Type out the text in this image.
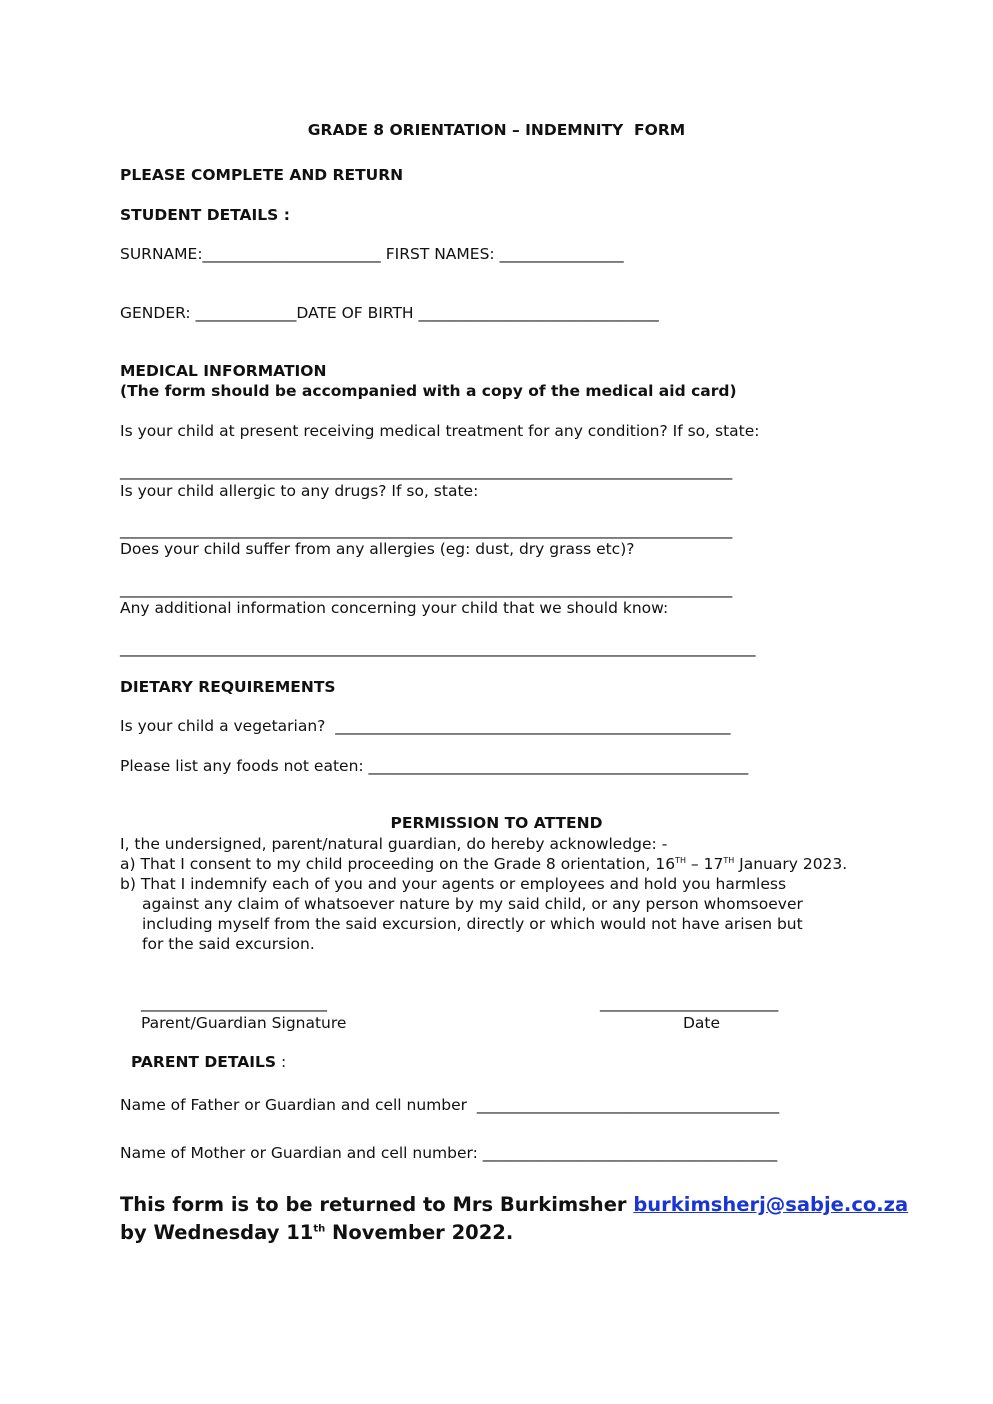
GRADE 8 ORIENTATION – INDEMNITY  FORM
PLEASE COMPLETE AND RETURN
STUDENT DETAILS :
SURNAME:_______________________ FIRST NAMES: ________________
GENDER: _____________DATE OF BIRTH _______________________________
MEDICAL INFORMATION
(The form should be accompanied with a copy of the medical aid card)
Is your child at present receiving medical treatment for any condition? If so, state:
_______________________________________________________________________________
Is your child allergic to any drugs? If so, state:
_______________________________________________________________________________
Does your child suffer from any allergies (eg: dust, dry grass etc)?
_______________________________________________________________________________
Any additional information concerning your child that we should know:
__________________________________________________________________________________
DIETARY REQUIREMENTS
Is your child a vegetarian?  ___________________________________________________
Please list any foods not eaten: _________________________________________________
PERMISSION TO ATTEND
I, the undersigned, parent/natural guardian, do hereby acknowledge: -
a) That I consent to my child proceeding on the Grade 8 orientation, 16TH – 17TH January 2023.
b) That I indemnify each of you and your agents or employees and hold you harmless
against any claim of whatsoever nature by my said child, or any person whomsoever
including myself from the said excursion, directly or which would not have arisen but
for the said excursion.
________________________
Parent/Guardian Signature
_______________________
Date
PARENT DETAILS :
Name of Father or Guardian and cell number  _______________________________________
Name of Mother or Guardian and cell number: ______________________________________
This form is to be returned to Mrs Burkimsher burkimsherj@sabje.co.za
by Wednesday 11th November 2022.
